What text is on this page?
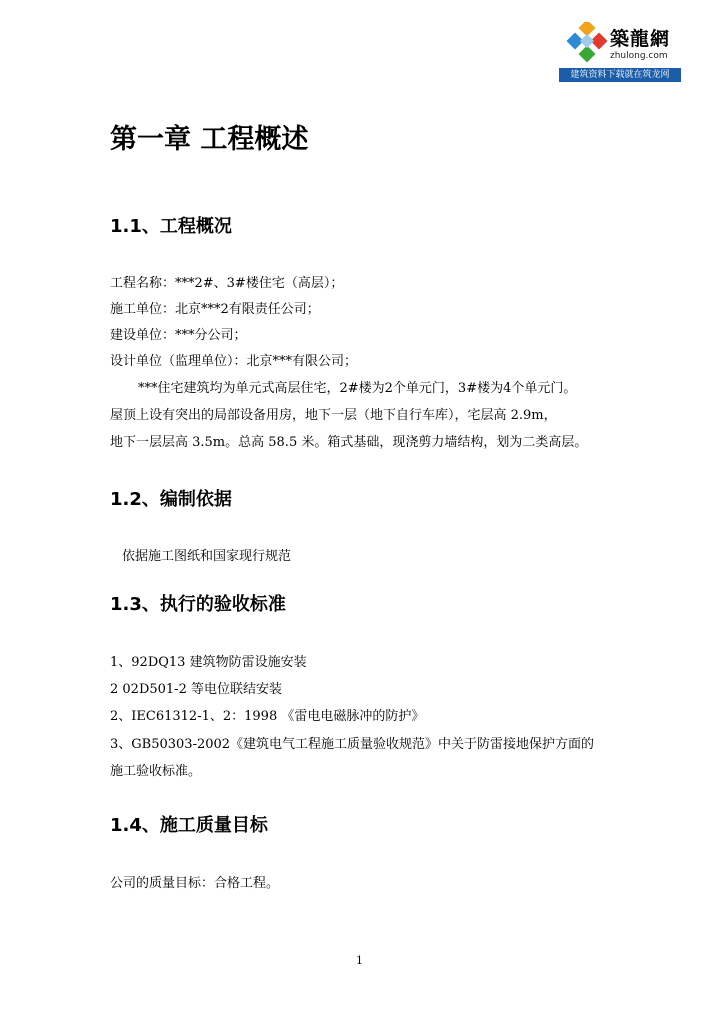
築龍網
zhulong.com
建筑资料下载就在筑龙网
第一章 工程概述
1.1、工程概况
工程名称：***2#、3#楼住宅（高层）；
施工单位：北京***2有限责任公司；
建设单位：***分公司；
设计单位（监理单位）：北京***有限公司；
***住宅建筑均为单元式高层住宅，2#楼为2个单元门，3#楼为4个单元门。
屋顶上设有突出的局部设备用房，地下一层（地下自行车库），宅层高 2.9m，
地下一层层高 3.5m。总高 58.5 米。箱式基础，现浇剪力墙结构，划为二类高层。
1.2、编制依据
依据施工图纸和国家现行规范
1.3、执行的验收标准
1、92DQ13 建筑物防雷设施安装
2 02D501-2 等电位联结安装
2、IEC61312-1、2：1998 《雷电电磁脉冲的防护》
3、GB50303-2002《建筑电气工程施工质量验收规范》中关于防雷接地保护方面的
施工验收标准。
1.4、施工质量目标
公司的质量目标：合格工程。
1
